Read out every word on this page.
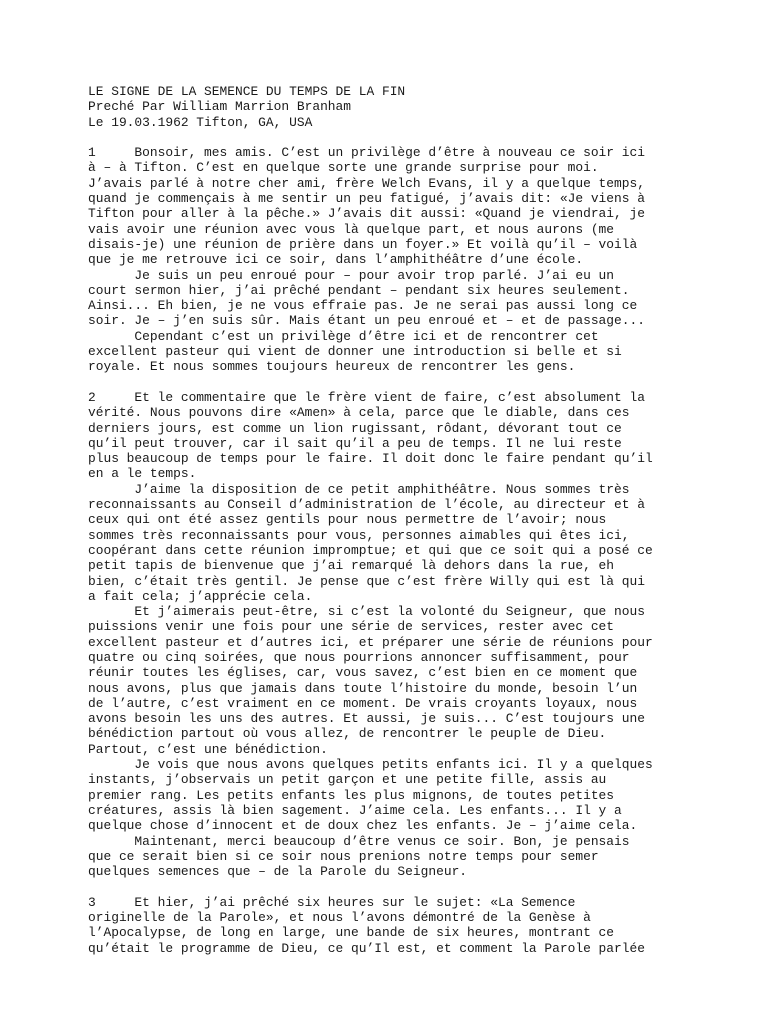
LE SIGNE DE LA SEMENCE DU TEMPS DE LA FIN
Preché Par William Marrion Branham
Le 19.03.1962 Tifton, GA, USA
1     Bonsoir, mes amis. C’est un privilège d’être à nouveau ce soir ici
à – à Tifton. C’est en quelque sorte une grande surprise pour moi.
J’avais parlé à notre cher ami, frère Welch Evans, il y a quelque temps,
quand je commençais à me sentir un peu fatigué, j’avais dit: «Je viens à
Tifton pour aller à la pêche.» J’avais dit aussi: «Quand je viendrai, je
vais avoir une réunion avec vous là quelque part, et nous aurons (me
disais-je) une réunion de prière dans un foyer.» Et voilà qu’il – voilà
que je me retrouve ici ce soir, dans l’amphithéâtre d’une école.
Je suis un peu enroué pour – pour avoir trop parlé. J’ai eu un
court sermon hier, j’ai prêché pendant – pendant six heures seulement.
Ainsi... Eh bien, je ne vous effraie pas. Je ne serai pas aussi long ce
soir. Je – j’en suis sûr. Mais étant un peu enroué et – et de passage...
Cependant c’est un privilège d’être ici et de rencontrer cet
excellent pasteur qui vient de donner une introduction si belle et si
royale. Et nous sommes toujours heureux de rencontrer les gens.
2     Et le commentaire que le frère vient de faire, c’est absolument la
vérité. Nous pouvons dire «Amen» à cela, parce que le diable, dans ces
derniers jours, est comme un lion rugissant, rôdant, dévorant tout ce
qu’il peut trouver, car il sait qu’il a peu de temps. Il ne lui reste
plus beaucoup de temps pour le faire. Il doit donc le faire pendant qu’il
en a le temps.
J’aime la disposition de ce petit amphithéâtre. Nous sommes très
reconnaissants au Conseil d’administration de l’école, au directeur et à
ceux qui ont été assez gentils pour nous permettre de l’avoir; nous
sommes très reconnaissants pour vous, personnes aimables qui êtes ici,
coopérant dans cette réunion impromptue; et qui que ce soit qui a posé ce
petit tapis de bienvenue que j’ai remarqué là dehors dans la rue, eh
bien, c’était très gentil. Je pense que c’est frère Willy qui est là qui
a fait cela; j’apprécie cela.
Et j’aimerais peut-être, si c’est la volonté du Seigneur, que nous
puissions venir une fois pour une série de services, rester avec cet
excellent pasteur et d’autres ici, et préparer une série de réunions pour
quatre ou cinq soirées, que nous pourrions annoncer suffisamment, pour
réunir toutes les églises, car, vous savez, c’est bien en ce moment que
nous avons, plus que jamais dans toute l’histoire du monde, besoin l’un
de l’autre, c’est vraiment en ce moment. De vrais croyants loyaux, nous
avons besoin les uns des autres. Et aussi, je suis... C’est toujours une
bénédiction partout où vous allez, de rencontrer le peuple de Dieu.
Partout, c’est une bénédiction.
Je vois que nous avons quelques petits enfants ici. Il y a quelques
instants, j’observais un petit garçon et une petite fille, assis au
premier rang. Les petits enfants les plus mignons, de toutes petites
créatures, assis là bien sagement. J’aime cela. Les enfants... Il y a
quelque chose d’innocent et de doux chez les enfants. Je – j’aime cela.
Maintenant, merci beaucoup d’être venus ce soir. Bon, je pensais
que ce serait bien si ce soir nous prenions notre temps pour semer
quelques semences que – de la Parole du Seigneur.
3     Et hier, j’ai prêché six heures sur le sujet: «La Semence
originelle de la Parole», et nous l’avons démontré de la Genèse à
l’Apocalypse, de long en large, une bande de six heures, montrant ce
qu’était le programme de Dieu, ce qu’Il est, et comment la Parole parlée
